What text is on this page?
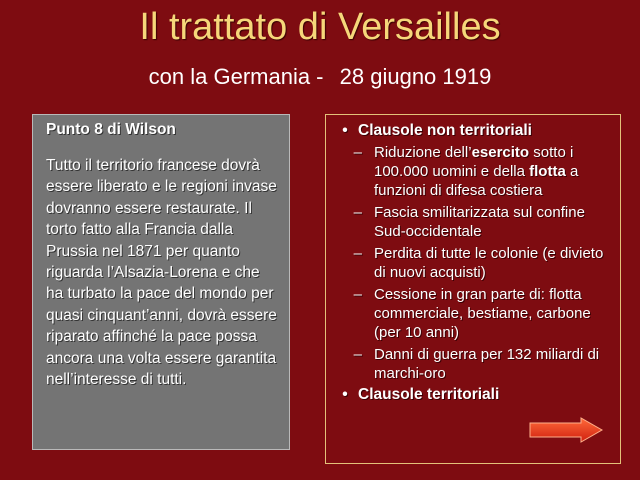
Il trattato di Versailles
con la Germania - 28 giugno 1919

Punto 8 di Wilson

Tutto il territorio francese dovrà essere liberato e le regioni invase dovranno essere restaurate. Il torto fatto alla Francia dalla Prussia nel 1871 per quanto riguarda l’Alsazia-Lorena e che ha turbato la pace del mondo per quasi cinquant’anni, dovrà essere riparato affinché la pace possa ancora una volta essere garantita nell’interesse di tutti.

• Clausole non territoriali
– Riduzione dell’esercito sotto i 100.000 uomini e della flotta a funzioni di difesa costiera
– Fascia smilitarizzata sul confine Sud-occidentale
– Perdita di tutte le colonie (e divieto di nuovi acquisti)
– Cessione in gran parte di: flotta commerciale, bestiame, carbone (per 10 anni)
– Danni di guerra per 132 miliardi di marchi-oro
• Clausole territoriali
